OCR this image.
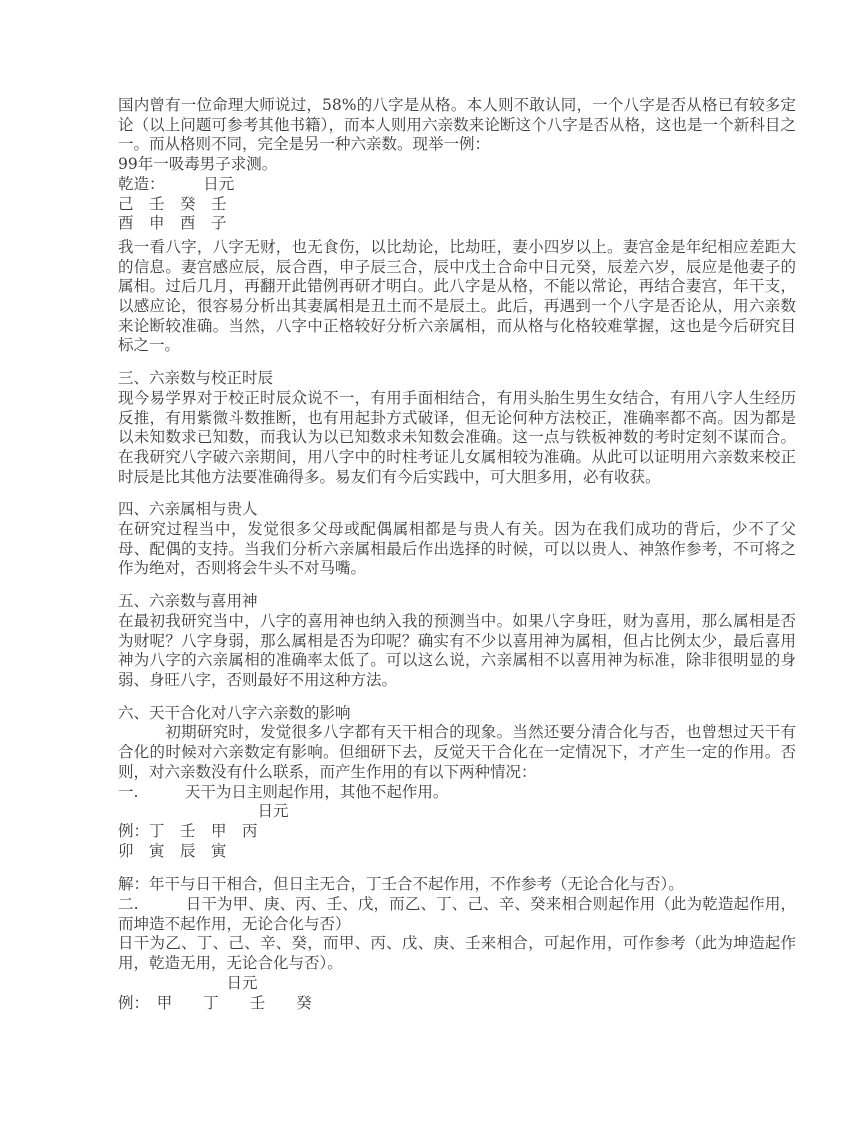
国内曾有一位命理大师说过，58%的八字是从格。本人则不敢认同，一个八字是否从格已有较多定论（以上问题可参考其他书籍），而本人则用六亲数来论断这个八字是否从格，这也是一个新科目之一。而从格则不同，完全是另一种六亲数。现举一例：
99年一吸毒男子求测。
乾造：　　　日元
己　壬　癸　壬
酉　申　酉　子
我一看八字，八字无财，也无食伤，以比劫论，比劫旺，妻小四岁以上。妻宫金是年纪相应差距大的信息。妻宫感应辰，辰合酉，申子辰三合，辰中戊土合命中日元癸，辰差六岁，辰应是他妻子的属相。过后几月，再翻开此错例再研才明白。此八字是从格，不能以常论，再结合妻宫，年干支，以感应论，很容易分析出其妻属相是丑土而不是辰土。此后，再遇到一个八字是否论从，用六亲数来论断较准确。当然，八字中正格较好分析六亲属相，而从格与化格较难掌握，这也是今后研究目标之一。
三、六亲数与校正时辰
现今易学界对于校正时辰众说不一，有用手面相结合，有用头胎生男生女结合，有用八字人生经历反推，有用紫微斗数推断，也有用起卦方式破译，但无论何种方法校正，准确率都不高。因为都是以未知数求已知数，而我认为以已知数求未知数会准确。这一点与铁板神数的考时定刻不谋而合。在我研究八字破六亲期间，用八字中的时柱考证儿女属相较为准确。从此可以证明用六亲数来校正时辰是比其他方法要准确得多。易友们有今后实践中，可大胆多用，必有收获。
四、六亲属相与贵人
在研究过程当中，发觉很多父母或配偶属相都是与贵人有关。因为在我们成功的背后，少不了父母、配偶的支持。当我们分析六亲属相最后作出选择的时候，可以以贵人、神煞作参考，不可将之作为绝对，否则将会牛头不对马嘴。
五、六亲数与喜用神
在最初我研究当中，八字的喜用神也纳入我的预测当中。如果八字身旺，财为喜用，那么属相是否为财呢？八字身弱，那么属相是否为印呢？确实有不少以喜用神为属相，但占比例太少，最后喜用神为八字的六亲属相的准确率太低了。可以这么说，六亲属相不以喜用神为标准，除非很明显的身弱、身旺八字，否则最好不用这种方法。
六、天干合化对八字六亲数的影响
　　　初期研究时，发觉很多八字都有天干相合的现象。当然还要分清合化与否，也曾想过天干有合化的时候对六亲数定有影响。但细研下去，反觉天干合化在一定情况下，才产生一定的作用。否则，对六亲数没有什么联系，而产生作用的有以下两种情况：
一.　　　天干为日主则起作用，其他不起作用。
　　　　　　　　　日元
例：丁　壬　甲　丙
卯　寅　辰　寅
解：年干与日干相合，但日主无合，丁壬合不起作用，不作参考（无论合化与否）。
二.　　　日干为甲、庚、丙、壬、戊，而乙、丁、己、辛、癸来相合则起作用（此为乾造起作用，而坤造不起作用，无论合化与否）
日干为乙、丁、己、辛、癸，而甲、丙、戊、庚、壬来相合，可起作用，可作参考（此为坤造起作用，乾造无用，无论合化与否）。
　　　　　　　日元
例：　甲　　丁　　壬　　癸
